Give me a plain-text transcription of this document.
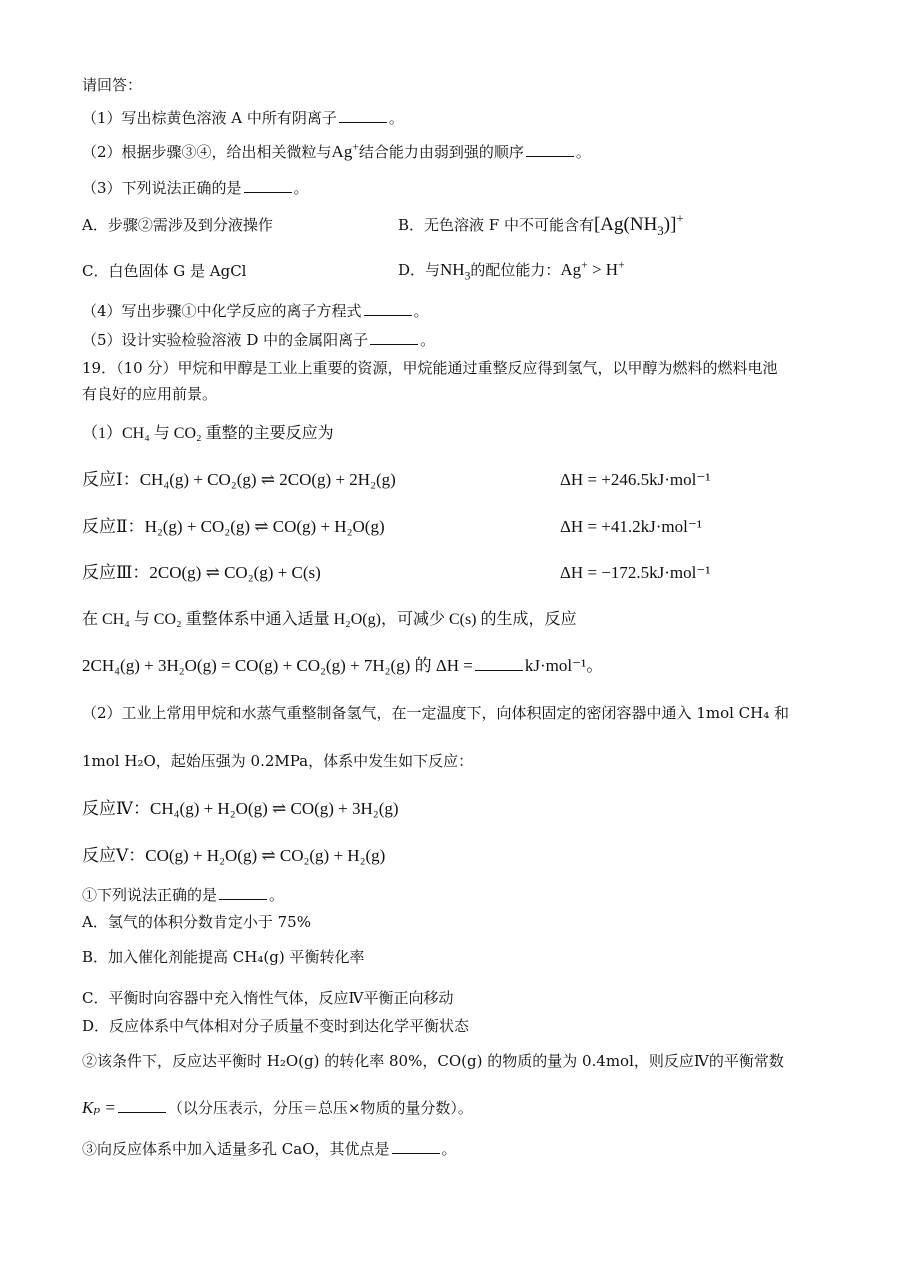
请回答：
（1）写出棕黄色溶液 A 中所有阴离子	。
（2）根据步骤③④，给出相关微粒与Ag+结合能力由弱到强的顺序	。
（3）下列说法正确的是	。
A．步骤②需涉及到分液操作	B．无色溶液 F 中不可能含有$[Ag(NH_3)]^+$
C．白色固体 G 是 AgCl	D．与$NH_3$的配位能力：Ag+ > H+
（4）写出步骤①中化学反应的离子方程式	。
（5）设计实验检验溶液 D 中的金属阳离子	。
19．（10 分）甲烷和甲醇是工业上重要的资源，甲烷能通过重整反应得到氢气，以甲醇为燃料的燃料电池
有良好的应用前景。
（1）CH₄ 与 CO₂ 重整的主要反应为
反应Ⅰ：CH₄(g) + CO₂(g) ⇌ 2CO(g) + 2H₂(g)	ΔH = +246.5kJ·mol⁻¹
反应Ⅱ：H₂(g) + CO₂(g) ⇌ CO(g) + H₂O(g)	ΔH = +41.2kJ·mol⁻¹
反应Ⅲ：2CO(g) ⇌ CO₂(g) + C(s)	ΔH = −172.5kJ·mol⁻¹
在 CH₄ 与 CO₂ 重整体系中通入适量 H₂O(g)，可减少 C(s) 的生成，反应
2CH₄(g) + 3H₂O(g) = CO(g) + CO₂(g) + 7H₂(g) 的 ΔH =	kJ·mol⁻¹。
（2）工业上常用甲烷和水蒸气重整制备氢气，在一定温度下，向体积固定的密闭容器中通入 1mol CH₄ 和
1mol H₂O，起始压强为 0.2MPa，体系中发生如下反应：
反应Ⅳ：CH₄(g) + H₂O(g) ⇌ CO(g) + 3H₂(g)
反应Ⅴ：CO(g) + H₂O(g) ⇌ CO₂(g) + H₂(g)
①下列说法正确的是	。
A．氢气的体积分数肯定小于 75%
B．加入催化剂能提高 CH₄(g) 平衡转化率
C．平衡时向容器中充入惰性气体，反应Ⅳ平衡正向移动
D．反应体系中气体相对分子质量不变时到达化学平衡状态
②该条件下，反应达平衡时 H₂O(g) 的转化率 80%，CO(g) 的物质的量为 0.4mol，则反应Ⅳ的平衡常数
Kₚ =	（以分压表示，分压＝总压×物质的量分数）。
③向反应体系中加入适量多孔 CaO，其优点是	。
